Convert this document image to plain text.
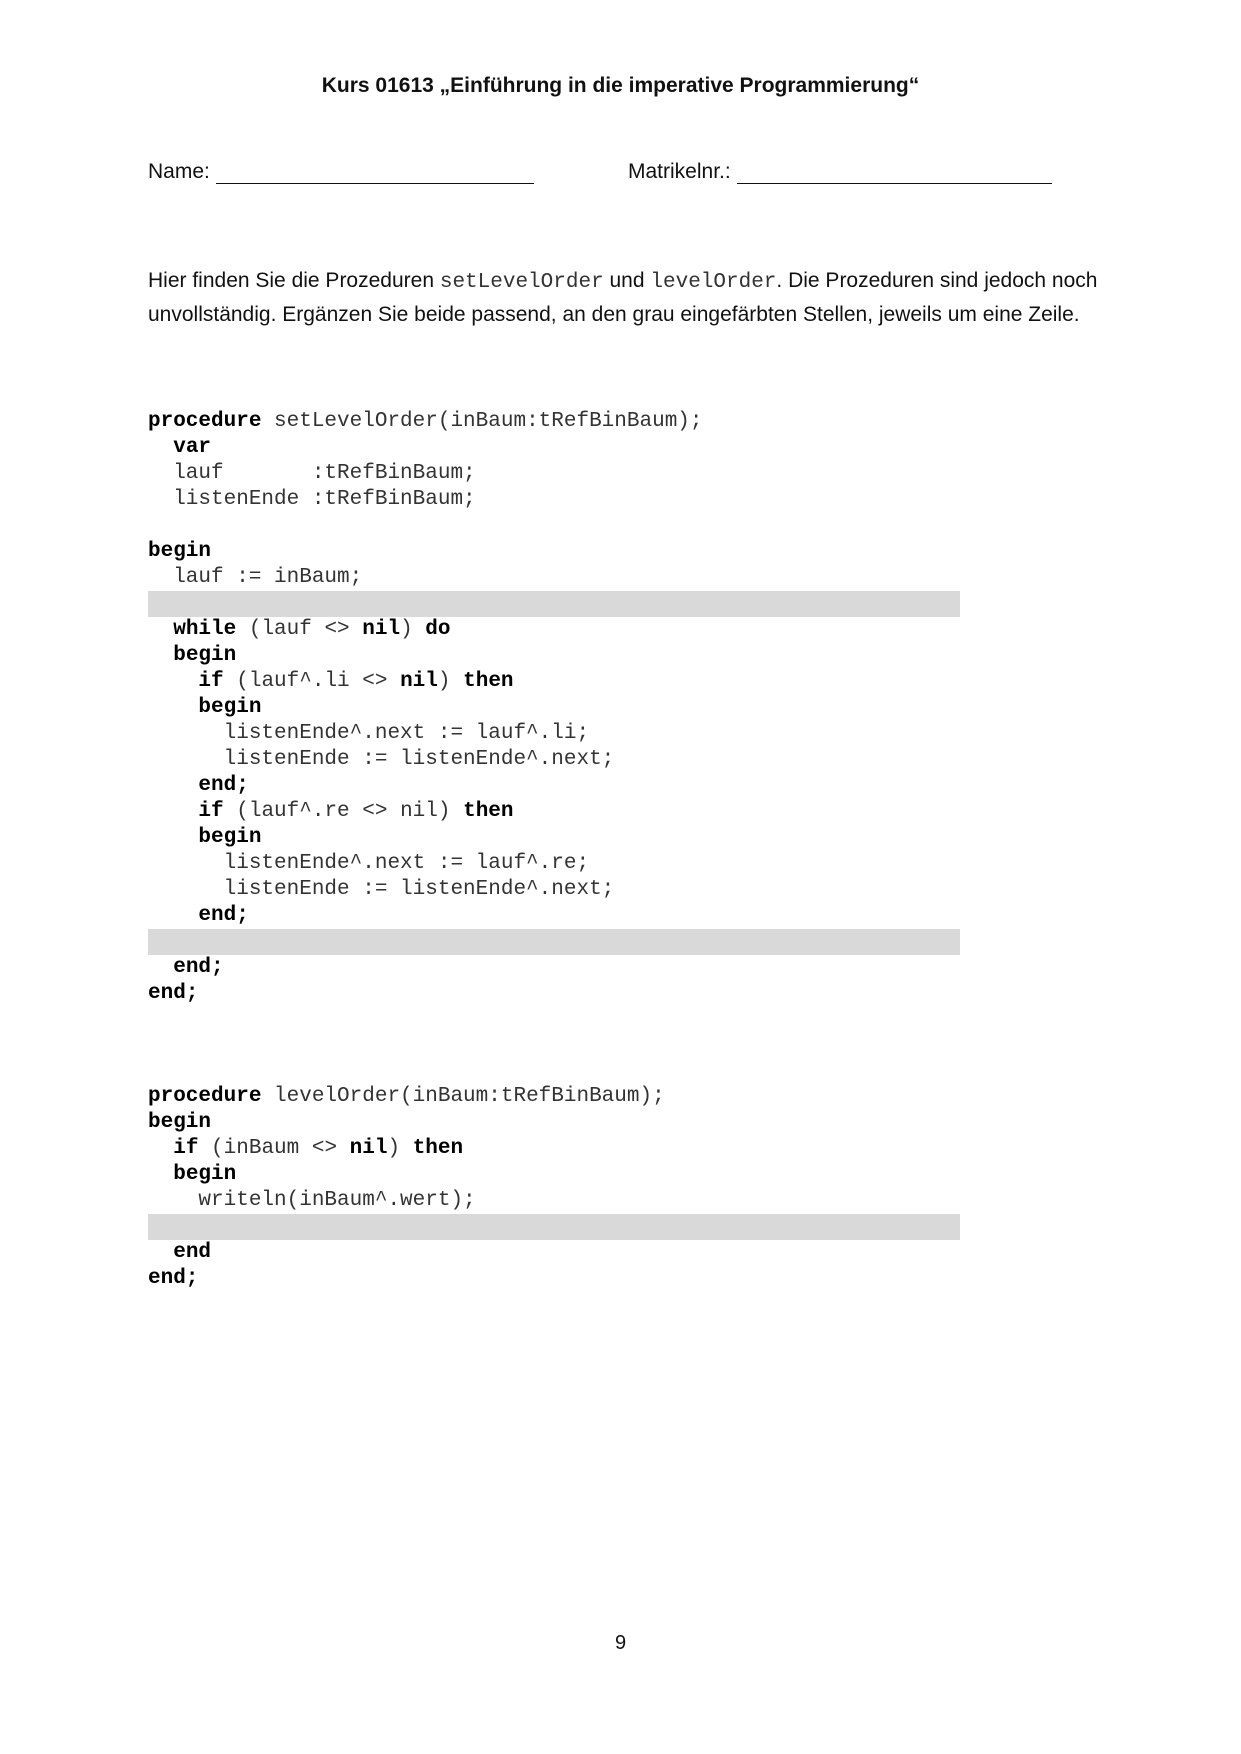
Kurs 01613 „Einführung in die imperative Programmierung“
Name:	Matrikelnr.:
Hier finden Sie die Prozeduren setLevelOrder und levelOrder. Die Prozeduren sind jedoch noch unvollständig. Ergänzen Sie beide passend, an den grau eingefärbten Stellen, jeweils um eine Zeile.
procedure setLevelOrder(inBaum:tRefBinBaum);
var
lauf       :tRefBinBaum;
listenEnde :tRefBinBaum;
begin
lauf := inBaum;
while (lauf <> nil) do
begin
if (lauf^.li <> nil) then
begin
listenEnde^.next := lauf^.li;
listenEnde := listenEnde^.next;
end;
if (lauf^.re <> nil) then
begin
listenEnde^.next := lauf^.re;
listenEnde := listenEnde^.next;
end;
end;
end;
procedure levelOrder(inBaum:tRefBinBaum);
begin
if (inBaum <> nil) then
begin
writeln(inBaum^.wert);
end
end;
9
